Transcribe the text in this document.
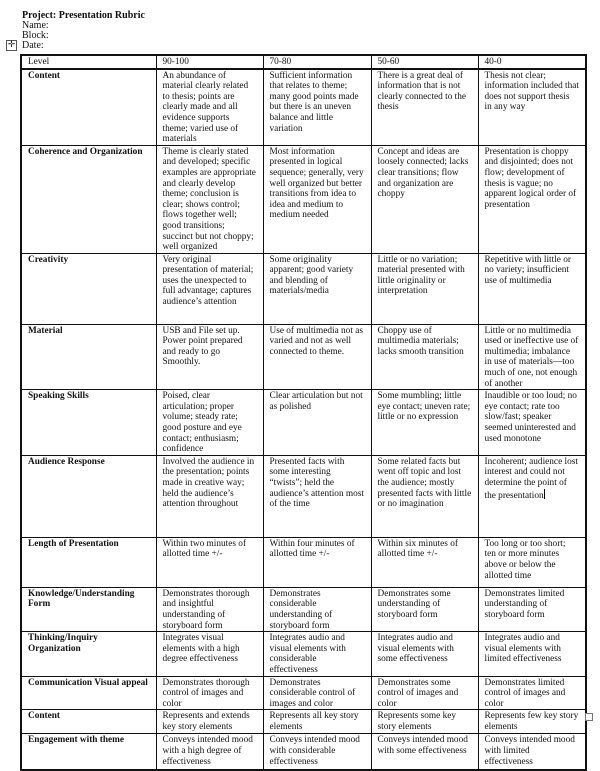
Project: Presentation Rubric
Name:
Block:
Date:
✛
Level	90-100	70-80	50-60	40-0
Content	An abundance of material clearly related to thesis; points are clearly made and all evidence supports theme; varied use of materials	Sufficient information that relates to theme; many good points made but there is an uneven balance and little variation	There is a great deal of information that is not clearly connected to the thesis	Thesis not clear; information included that does not support thesis in any way
Coherence and Organization	Theme is clearly stated and developed; specific examples are appropriate and clearly develop theme; conclusion is clear; shows control; flows together well; good transitions; succinct but not choppy; well organized	Most information presented in logical sequence; generally, very well organized but better transitions from idea to idea and medium to medium needed	Concept and ideas are loosely connected; lacks clear transitions; flow and organization are choppy	Presentation is choppy and disjointed; does not flow; development of thesis is vague; no apparent logical order of presentation
Creativity	Very original presentation of material; uses the unexpected to full advantage; captures audience’s attention	Some originality apparent; good variety and blending of materials/media	Little or no variation; material presented with little originality or interpretation	Repetitive with little or no variety; insufficient use of multimedia
Material	USB and File set up. Power point prepared and ready to go Smoothly.	Use of multimedia not as varied and not as well connected to theme.	Choppy use of multimedia materials; lacks smooth transition	Little or no multimedia used or ineffective use of multimedia; imbalance in use of materials—too much of one, not enough of another
Speaking Skills	Poised, clear articulation; proper volume; steady rate; good posture and eye contact; enthusiasm; confidence	Clear articulation but not as polished	Some mumbling; little eye contact; uneven rate; little or no expression	Inaudible or too loud; no eye contact; rate too slow/fast; speaker seemed uninterested and used monotone
Audience Response	Involved the audience in the presentation; points made in creative way; held the audience’s attention throughout	Presented facts with some interesting “twists”; held the audience’s attention most of the time	Some related facts but went off topic and lost the audience; mostly presented facts with little or no imagination	Incoherent; audience lost interest and could not determine the point of the presentation
Length of Presentation	Within two minutes of allotted time +/-	Within four minutes of allotted time +/-	Within six minutes of allotted time +/-	Too long or too short; ten or more minutes above or below the allotted time
Knowledge/Understanding Form	Demonstrates thorough and insightful understanding of storyboard form	Demonstrates considerable understanding of storyboard form	Demonstrates some understanding of storyboard form	Demonstrates limited understanding of storyboard form
Thinking/Inquiry Organization	Integrates visual elements with a high degree effectiveness	Integrates audio and visual elements with considerable effectiveness	Integrates audio and visual elements with some effectiveness	Integrates audio and visual elements with limited effectiveness
Communication Visual appeal	Demonstrates thorough control of images and color	Demonstrates considerable control of images and color	Demonstrates some control of images and color	Demonstrates limited control of images and color
Content	Represents and extends key story elements	Represents all key story elements	Represents some key story elements	Represents few key story elements
Engagement with theme	Conveys intended mood with a high degree of effectiveness	Conveys intended mood with considerable effectiveness	Conveys intended mood with some effectiveness	Conveys intended mood with limited effectiveness
